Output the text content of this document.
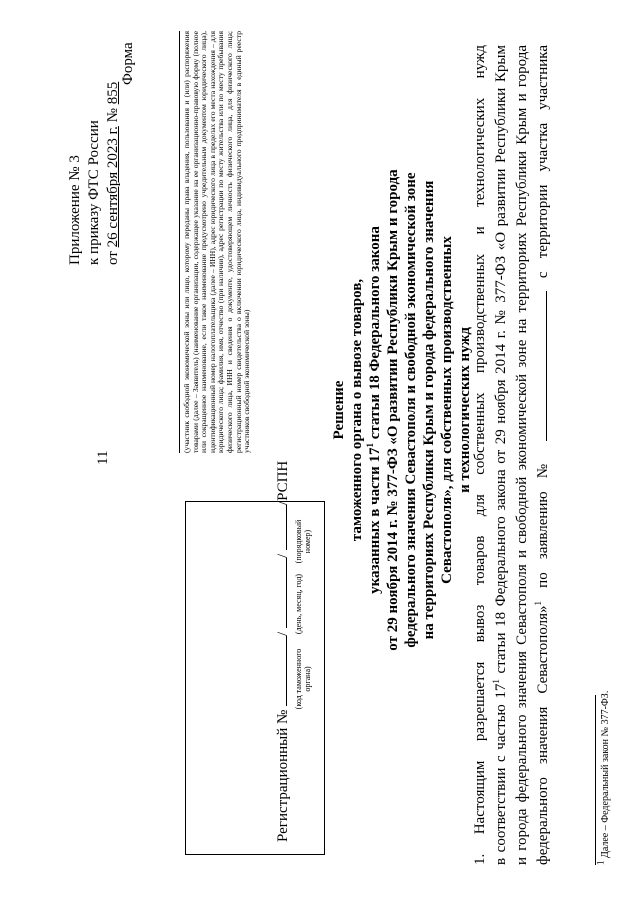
11
Приложение № 3 к приказу ФТС России от 26 сентября 2023 г. № 855
Форма
Регистрационный № / / /РСПН
(код таможенного органа)
(день, месяц, год)
(порядковый номер)
(участник свободной экономической зоны или лицо, которому переданы права владения, пользования и (или) распоряжения товарами (далее – Заявитель) (наименование организации, содержащее указание на ее организационно-правовую форму (полное или сокращенное наименование, если такое наименование предусмотрено учредительным документом юридического лица), идентификационный номер налогоплательщика (далее – ИНН), адрес юридического лица в пределах его места нахождения – для юридического лица; фамилия, имя, отчество (при наличии), адрес регистрации по месту жительства или по месту пребывания физического лица, ИНН и сведения о документе, удостоверяющем личность физического лица, для физического лица; регистрационный номер свидетельства о включении юридического лица, индивидуального предпринимателя в единый реестр участников свободной экономической зоны)	Решение таможенного органа о вывозе товаров, указанных в части $17^1$ статьи 18 Федерального закона от 29 ноября 2014 г. № 377-ФЗ «О развитии Республики Крым и города федерального значения Севастополя и свободной экономической зоне на территориях Республики Крым и города федерального значения Севастополя», для собственных производственных и технологических нужд 1. Настоящим разрешается вывоз товаров для собственных производственных и технологических нужд в соответствии с частью $17^1$ статьи 18 Федерального закона от 29 ноября 2014 г. № 377-ФЗ «О развитии Республики Крым и города федерального значения Севастополя и свободной экономической зоне на территориях Республики Крым и города федерального значения Севастополя»$^1$ по заявлению №  с территории участка участника
$^1$ Далее – Федеральный закон № 377-ФЗ.
